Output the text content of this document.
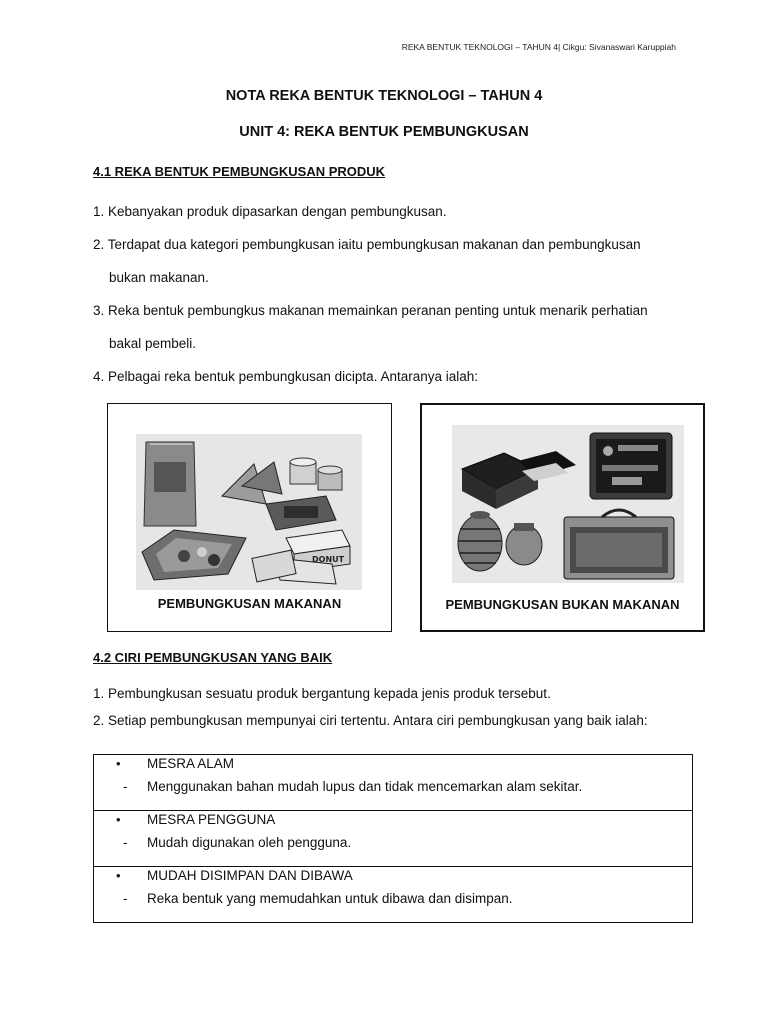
REKA BENTUK TEKNOLOGI – TAHUN 4| Cikgu: Sivanaswari Karuppiah
NOTA REKA BENTUK TEKNOLOGI – TAHUN 4
UNIT 4: REKA BENTUK PEMBUNGKUSAN
4.1 REKA BENTUK PEMBUNGKUSAN PRODUK
1. Kebanyakan produk dipasarkan dengan pembungkusan.
2. Terdapat dua kategori pembungkusan iaitu pembungkusan makanan dan pembungkusan
bukan makanan.
3. Reka bentuk pembungkus makanan memainkan peranan penting untuk menarik perhatian
bakal pembeli.
4. Pelbagai reka bentuk pembungkusan dicipta. Antaranya ialah:
DONUT
PEMBUNGKUSAN MAKANAN	PEMBUNGKUSAN BUKAN MAKANAN
4.2 CIRI PEMBUNGKUSAN YANG BAIK
1. Pembungkusan sesuatu produk bergantung kepada jenis produk tersebut.
2. Setiap pembungkusan mempunyai ciri tertentu. Antara ciri pembungkusan yang baik ialah:
• MESRA ALAM
- Menggunakan bahan mudah lupus dan tidak mencemarkan alam sekitar.

• MESRA PENGGUNA
- Mudah digunakan oleh pengguna.

• MUDAH DISIMPAN DAN DIBAWA
- Reka bentuk yang memudahkan untuk dibawa dan disimpan.
